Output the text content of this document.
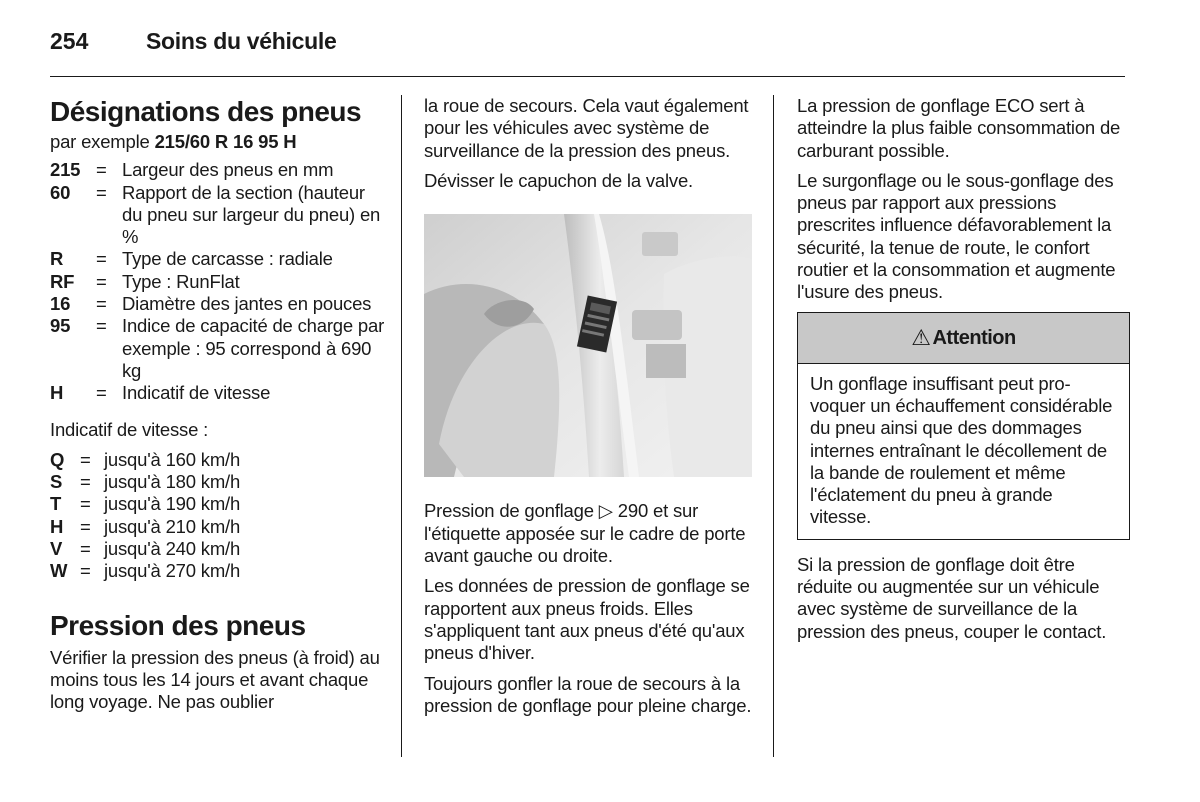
254	Soins du véhicule
Désignations des pneus

par exemple 215/60 R 16 95 H

215 = Largeur des pneus en mm
60	= Rapport de la section (hauteur du pneu sur largeur du pneu) en %
R	= Type de carcasse : radiale
RF	= Type : RunFlat
16	= Diamètre des jantes en pouces
95	= Indice de capacité de charge par exemple : 95 correspond à 690 kg
H	= Indicatif de vitesse

Indicatif de vitesse :

Q = jusqu'à 160 km/h
S = jusqu'à 180 km/h
T	= jusqu'à 190 km/h
H = jusqu'à 210 km/h
V = jusqu'à 240 km/h
W = jusqu'à 270 km/h
Pression des pneus

Vérifier la pression des pneus (à froid) au moins tous les 14 jours et avant chaque long voyage. Ne pas oublier

la roue de secours. Cela vaut également pour les véhicules avec système de surveillance de la pression des pneus.

Dévisser le capuchon de la valve.

Pression de gonflage ▷ 290 et sur l'étiquette apposée sur le cadre de porte avant gauche ou droite.

Les données de pression de gonflage se rapportent aux pneus froids. Elles s'appliquent tant aux pneus d'été qu'aux pneus d'hiver.

Toujours gonfler la roue de secours à la pression de gonflage pour pleine charge.

La pression de gonflage ECO sert à atteindre la plus faible consommation de carburant possible.

Le surgonflage ou le sous-gonflage des pneus par rapport aux pressions prescrites influence défavorablement la sécurité, la tenue de route, le confort routier et la consommation et augmente l'usure des pneus.

⚠ Attention
Un gonflage insuffisant peut provoquer un échauffement considérable du pneu ainsi que des dommages internes entraînant le décollement de la bande de roulement et même l'éclatement du pneu à grande vitesse.

Si la pression de gonflage doit être réduite ou augmentée sur un véhicule avec système de surveillance de la pression des pneus, couper le contact.
